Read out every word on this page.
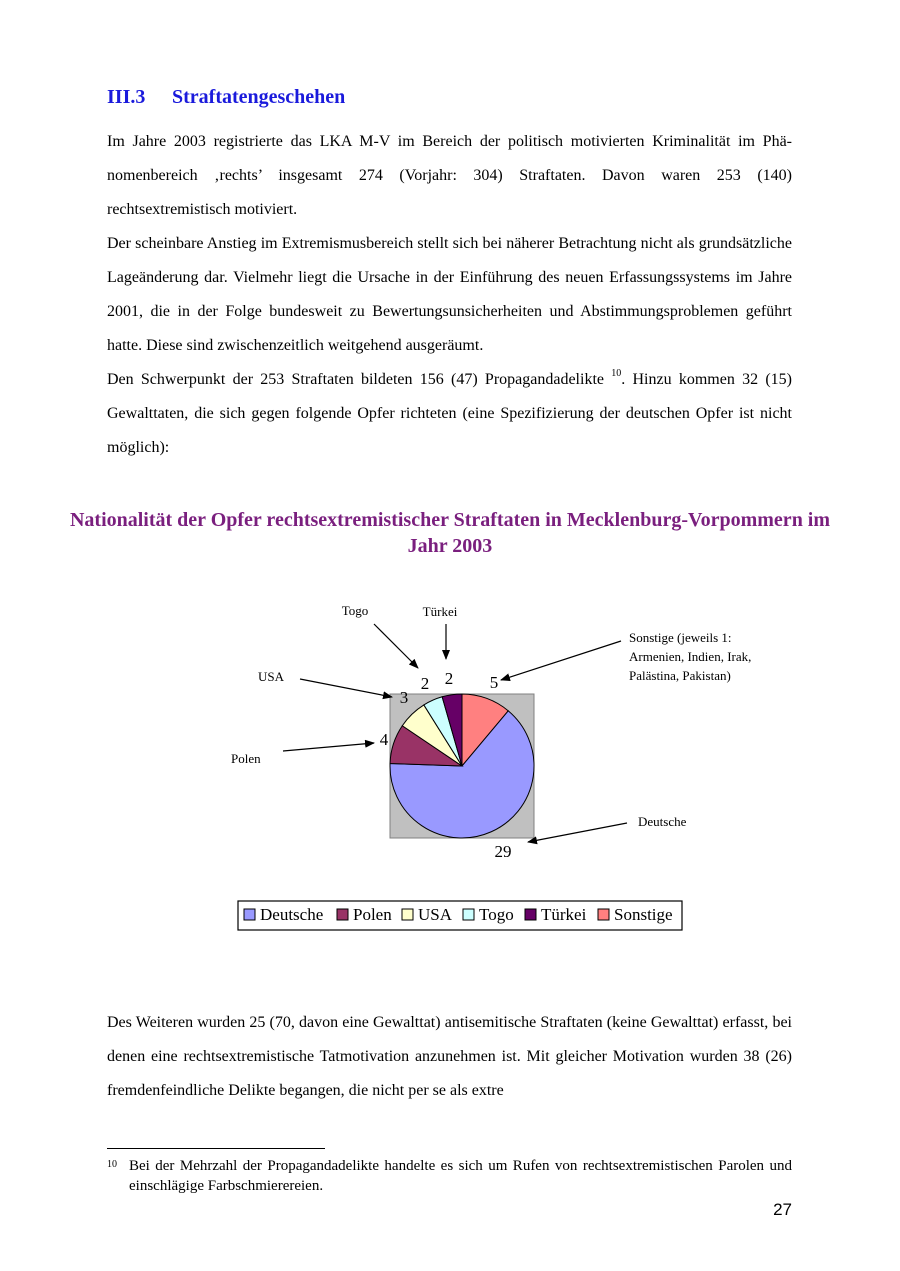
III.3 Straftatengeschehen

Im Jahre 2003 registrierte das LKA M-V im Bereich der politisch motivierten Kriminalität im Phä-nomenbereich ‚rechts’ insgesamt 274 (Vorjahr: 304) Straftaten. Davon waren 253 (140) rechtsextremistisch motiviert.

Der scheinbare Anstieg im Extremismusbereich stellt sich bei näherer Betrachtung nicht als grundsätzliche Lageänderung dar. Vielmehr liegt die Ursache in der Einführung des neuen Erfassungssystems im Jahre 2001, die in der Folge bundesweit zu Bewertungsunsicherheiten und Abstimmungsproblemen geführt hatte. Diese sind zwischenzeitlich weitgehend ausgeräumt.

Den Schwerpunkt der 253 Straftaten bildeten 156 (47) Propagandadelikte $^{10}$. Hinzu kommen 32 (15) Gewalttaten, die sich gegen folgende Opfer richteten (eine Spezifizierung der deutschen Opfer ist nicht möglich):

Nationalität der Opfer rechtsextremistischer Straftaten in Mecklenburg-Vorpommern im Jahr 2003
29
4
3
2 2 5
Togo	Türkei
USA
Polen
Deutsche
Sonstige (jeweils 1:
Armenien, Indien, Irak,
Palästina, Pakistan)
Deutsche Polen USA Togo Türkei Sonstige

Des Weiteren wurden 25 (70, davon eine Gewalttat) antisemitische Straftaten (keine Gewalttat) erfasst, bei denen eine rechtsextremistische Tatmotivation anzunehmen ist. Mit gleicher Motivation wurden 38 (26) fremdenfeindliche Delikte begangen, die nicht per se als extre

10 Bei der Mehrzahl der Propagandadelikte handelte es sich um Rufen von rechtsextremistischen Parolen und einschlägige Farbschmierereien.
27
